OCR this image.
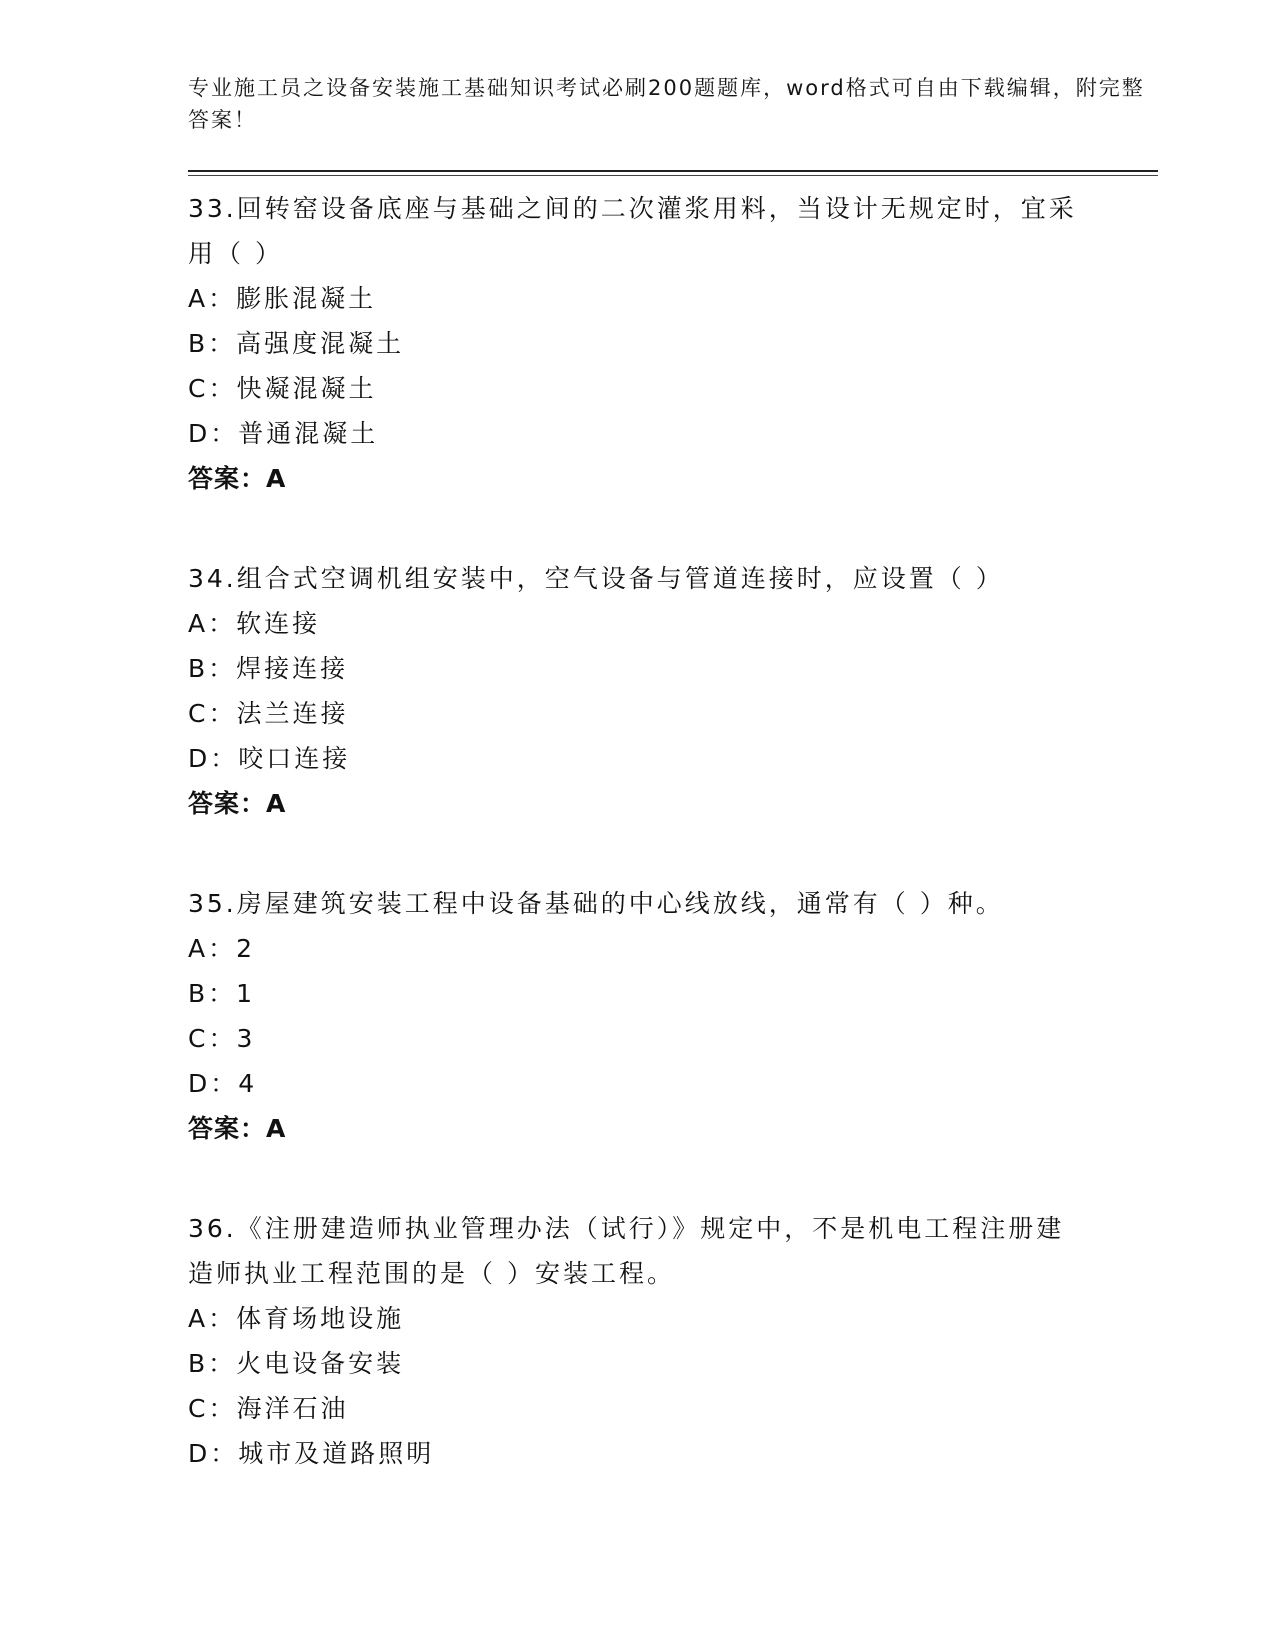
专业施工员之设备安装施工基础知识考试必刷200题题库，word格式可自由下载编辑，附完整答案！
33.回转窑设备底座与基础之间的二次灌浆用料，当设计无规定时，宜采用（ ）
A：膨胀混凝土
B：高强度混凝土
C：快凝混凝土
D：普通混凝土
答案：A
34.组合式空调机组安装中，空气设备与管道连接时，应设置（ ）
A：软连接
B：焊接连接
C：法兰连接
D：咬口连接
答案：A
35.房屋建筑安装工程中设备基础的中心线放线，通常有（ ）种。
A：2
B：1
C：3
D：4
答案：A
36.《注册建造师执业管理办法（试行）》规定中，不是机电工程注册建造师执业工程范围的是（ ）安装工程。
A：体育场地设施
B：火电设备安装
C：海洋石油
D：城市及道路照明
